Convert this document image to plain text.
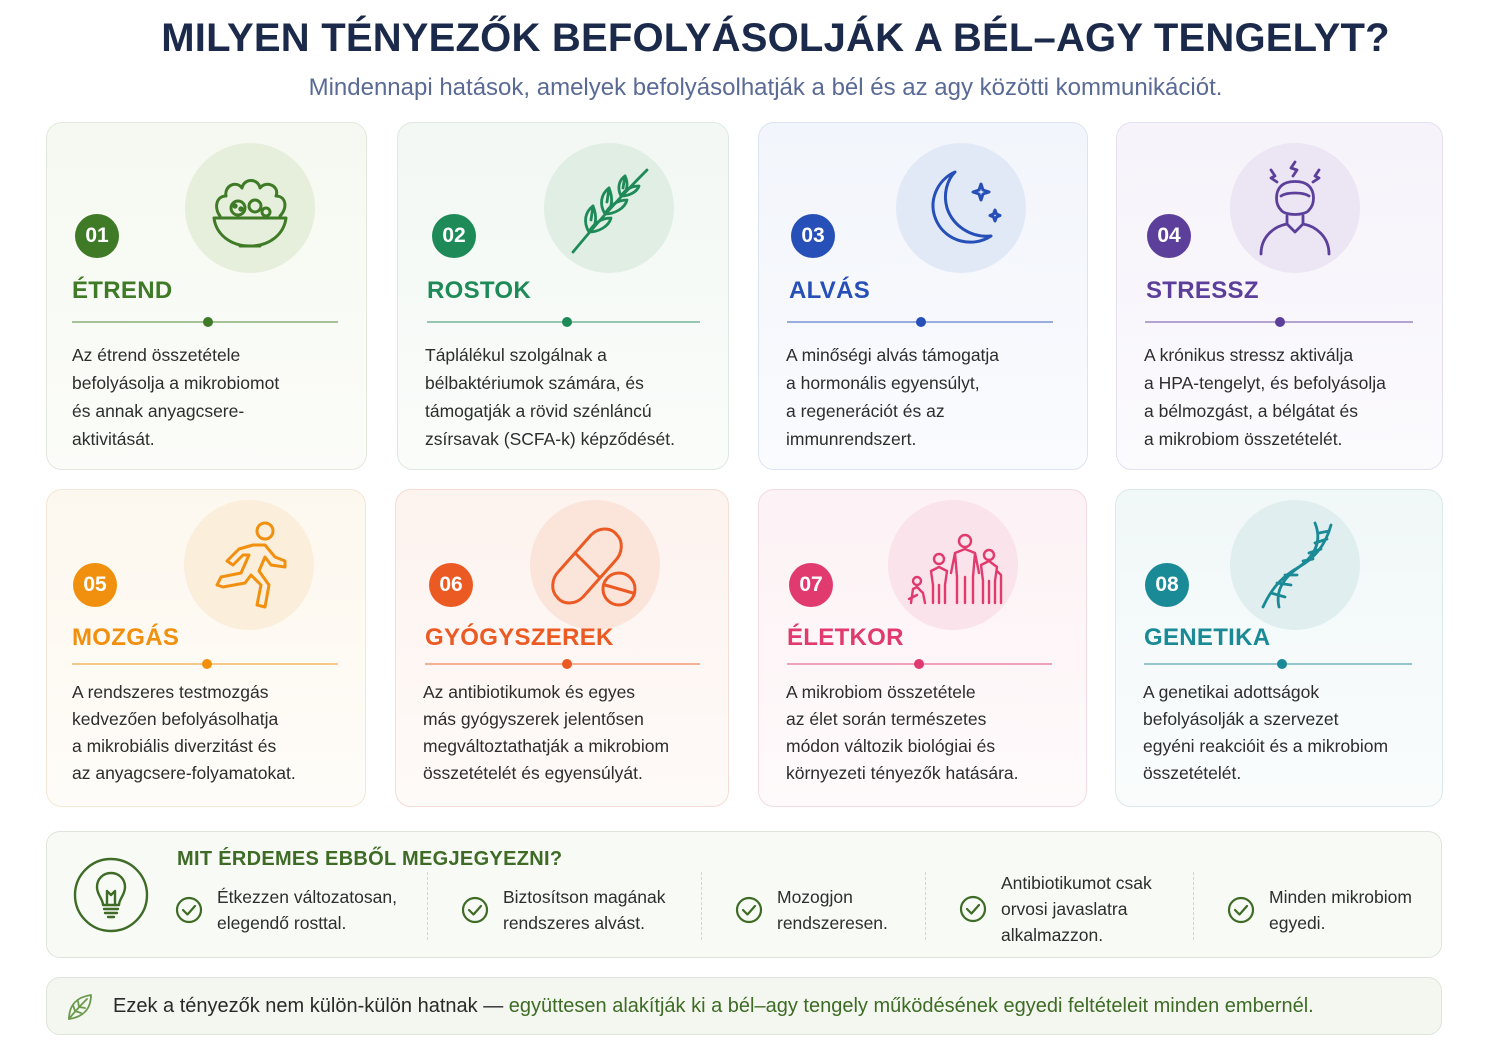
MILYEN TÉNYEZŐK BEFOLYÁSOLJÁK A BÉL–AGY TENGELYT?
Mindennapi hatások, amelyek befolyásolhatják a bél és az agy közötti kommunikációt.
01
ÉTREND
Az étrend összetétele
befolyásolja a mikrobiomot
és annak anyagcsere-
aktivitását.
02
ROSTOK
Táplálékul szolgálnak a
bélbaktériumok számára, és
támogatják a rövid szénláncú
zsírsavak (SCFA-k) képződését.
03
ALVÁS
A minőségi alvás támogatja
a hormonális egyensúlyt,
a regenerációt és az
immunrendszert.
04
STRESSZ
A krónikus stressz aktiválja
a HPA-tengelyt, és befolyásolja
a bélmozgást, a bélgátat és
a mikrobiom összetételét.
05
MOZGÁS
A rendszeres testmozgás
kedvezően befolyásolhatja
a mikrobiális diverzitást és
az anyagcsere-folyamatokat.
06
GYÓGYSZEREK
Az antibiotikumok és egyes
más gyógyszerek jelentősen
megváltoztathatják a mikrobiom
összetételét és egyensúlyát.
07
ÉLETKOR
A mikrobiom összetétele
az élet során természetes
módon változik biológiai és
környezeti tényezők hatására.
08
GENETIKA
A genetikai adottságok
befolyásolják a szervezet
egyéni reakcióit és a mikrobiom
összetételét.
MIT ÉRDEMES EBBŐL MEGJEGYEZNI?
Étkezzen változatosan,
elegendő rosttal.
Biztosítson magának
rendszeres alvást.
Mozogjon
rendszeresen.
Antibiotikumot csak
orvosi javaslatra
alkalmazzon.
Minden mikrobiom
egyedi.
Ezek a tényezők nem külön-külön hatnak — együttesen alakítják ki a bél–agy tengely működésének egyedi feltételeit minden embernél.
